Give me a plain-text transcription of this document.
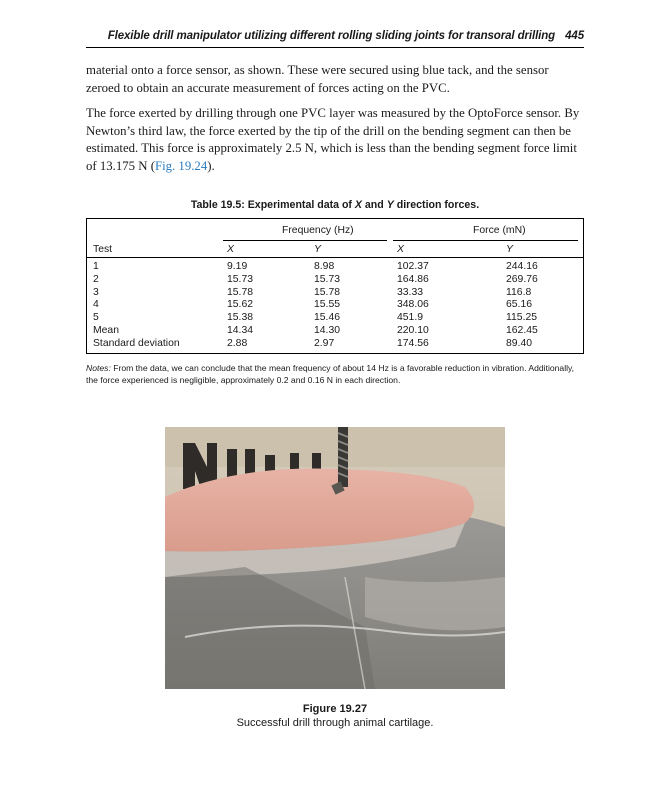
Flexible drill manipulator utilizing different rolling sliding joints for transoral drilling 445
material onto a force sensor, as shown. These were secured using blue tack, and the sensor zeroed to obtain an accurate measurement of forces acting on the PVC.
The force exerted by drilling through one PVC layer was measured by the OptoForce sensor. By Newton’s third law, the force exerted by the tip of the drill on the bending segment can then be estimated. This force is approximately 2.5 N, which is less than the bending segment force limit of 13.175 N (Fig. 19.24).
Table 19.5: Experimental data of X and Y direction forces.
Frequency (Hz)	Force (mN)
Test	X	Y	X	Y
1	9.19	8.98	102.37	244.16
2	15.73	15.73	164.86	269.76
3	15.78	15.78	33.33	116.8
4	15.62	15.55	348.06	65.16
5	15.38	15.46	451.9	115.25
Mean	14.34	14.30	220.10	162.45
Standard deviation	2.88	2.97	174.56	89.40
Notes: From the data, we can conclude that the mean frequency of about 14 Hz is a favorable reduction in vibration. Additionally, the force experienced is negligible, approximately 0.2 and 0.16 N in each direction.
Figure 19.27
Successful drill through animal cartilage.
